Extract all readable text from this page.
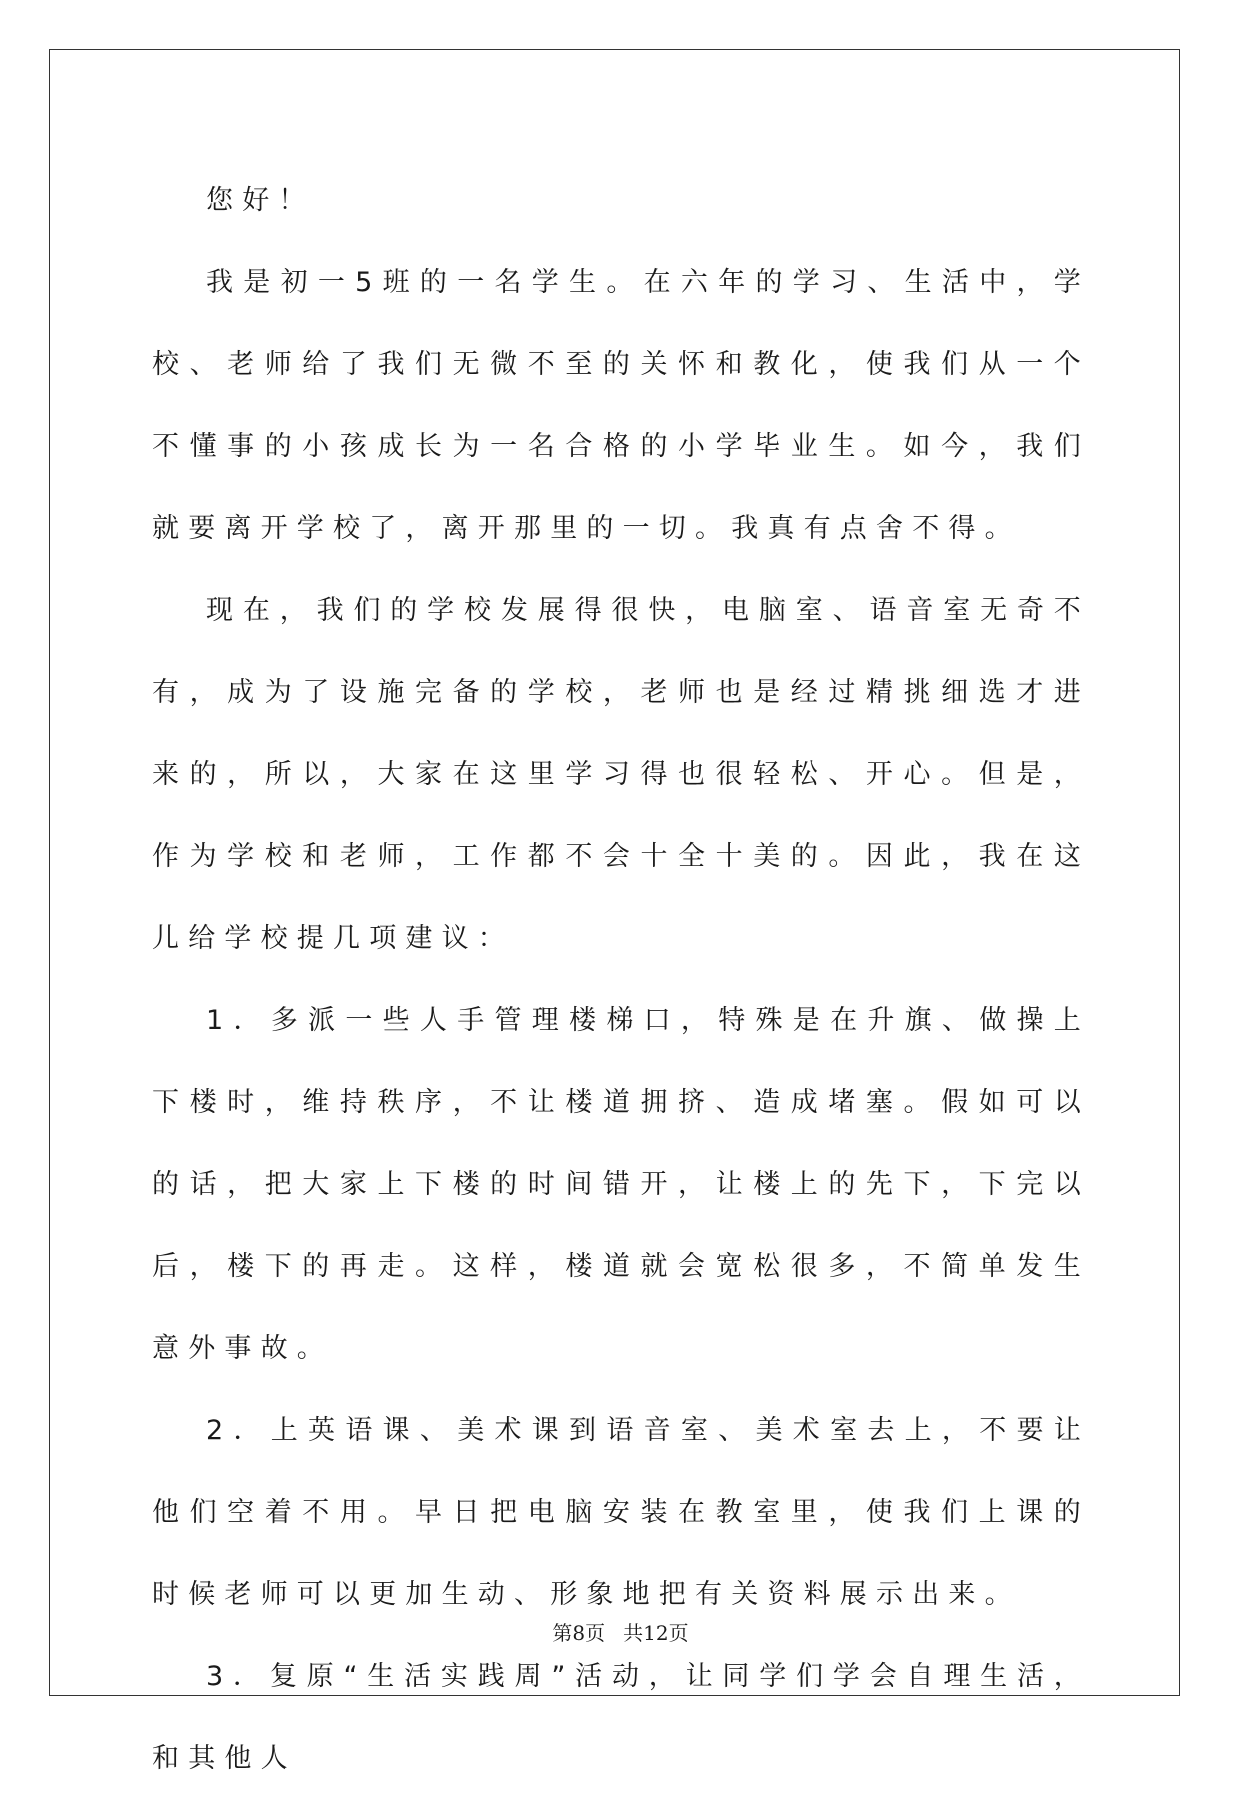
您好！

我是初一5班的一名学生。在六年的学习、生活中，学校、老师给了我们无微不至的关怀和教化，使我们从一个不懂事的小孩成长为一名合格的小学毕业生。如今，我们就要离开学校了，离开那里的一切。我真有点舍不得。

现在，我们的学校发展得很快，电脑室、语音室无奇不有，成为了设施完备的学校，老师也是经过精挑细选才进来的，所以，大家在这里学习得也很轻松、开心。但是，作为学校和老师，工作都不会十全十美的。因此，我在这儿给学校提几项建议：

1．多派一些人手管理楼梯口，特殊是在升旗、做操上下楼时，维持秩序，不让楼道拥挤、造成堵塞。假如可以的话，把大家上下楼的时间错开，让楼上的先下，下完以后，楼下的再走。这样，楼道就会宽松很多，不简单发生意外事故。

2．上英语课、美术课到语音室、美术室去上，不要让他们空着不用。早日把电脑安装在教室里，使我们上课的时候老师可以更加生动、形象地把有关资料展示出来。

3．复原“生活实践周”活动，让同学们学会自理生活，和其他人

第8页 共12页
